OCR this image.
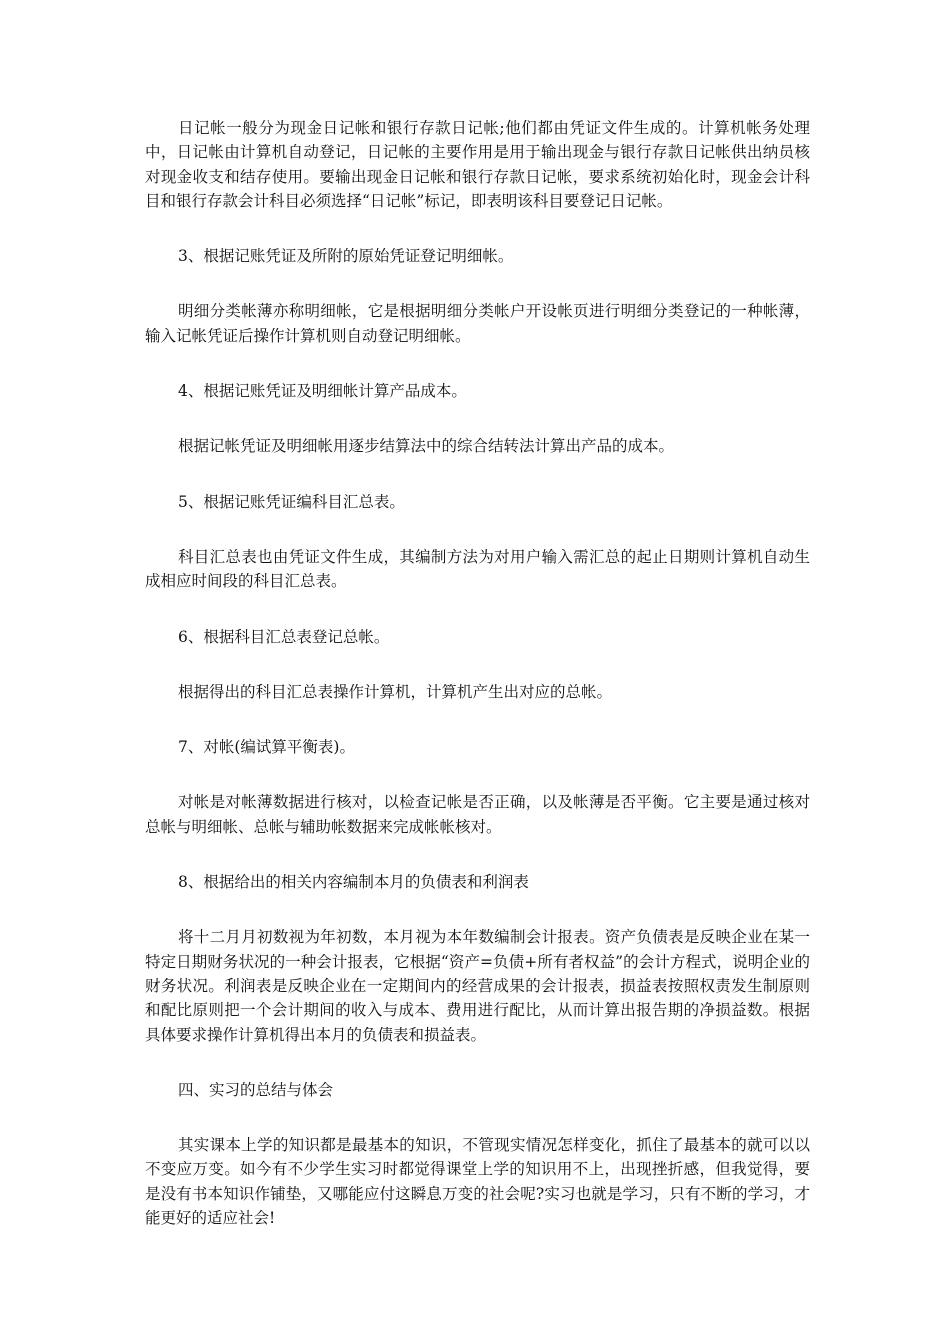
日记帐一般分为现金日记帐和银行存款日记帐;他们都由凭证文件生成的。计算机帐务处理中，日记帐由计算机自动登记，日记帐的主要作用是用于输出现金与银行存款日记帐供出纳员核对现金收支和结存使用。要输出现金日记帐和银行存款日记帐，要求系统初始化时，现金会计科目和银行存款会计科目必须选择“日记帐”标记，即表明该科目要登记日记帐。

3、根据记账凭证及所附的原始凭证登记明细帐。

明细分类帐薄亦称明细帐，它是根据明细分类帐户开设帐页进行明细分类登记的一种帐薄，输入记帐凭证后操作计算机则自动登记明细帐。

4、根据记账凭证及明细帐计算产品成本。

根据记帐凭证及明细帐用逐步结算法中的综合结转法计算出产品的成本。

5、根据记账凭证编科目汇总表。

科目汇总表也由凭证文件生成，其编制方法为对用户输入需汇总的起止日期则计算机自动生成相应时间段的科目汇总表。

6、根据科目汇总表登记总帐。

根据得出的科目汇总表操作计算机，计算机产生出对应的总帐。

7、对帐(编试算平衡表)。

对帐是对帐薄数据进行核对，以检查记帐是否正确，以及帐薄是否平衡。它主要是通过核对总帐与明细帐、总帐与辅助帐数据来完成帐帐核对。

8、根据给出的相关内容编制本月的负债表和利润表

将十二月月初数视为年初数，本月视为本年数编制会计报表。资产负债表是反映企业在某一特定日期财务状况的一种会计报表，它根据“资产=负债+所有者权益”的会计方程式，说明企业的财务状况。利润表是反映企业在一定期间内的经营成果的会计报表，损益表按照权责发生制原则和配比原则把一个会计期间的收入与成本、费用进行配比，从而计算出报告期的净损益数。根据具体要求操作计算机得出本月的负债表和损益表。

四、实习的总结与体会

其实课本上学的知识都是最基本的知识，不管现实情况怎样变化，抓住了最基本的就可以以不变应万变。如今有不少学生实习时都觉得课堂上学的知识用不上，出现挫折感，但我觉得，要是没有书本知识作铺垫，又哪能应付这瞬息万变的社会呢?实习也就是学习，只有不断的学习，才能更好的适应社会!
